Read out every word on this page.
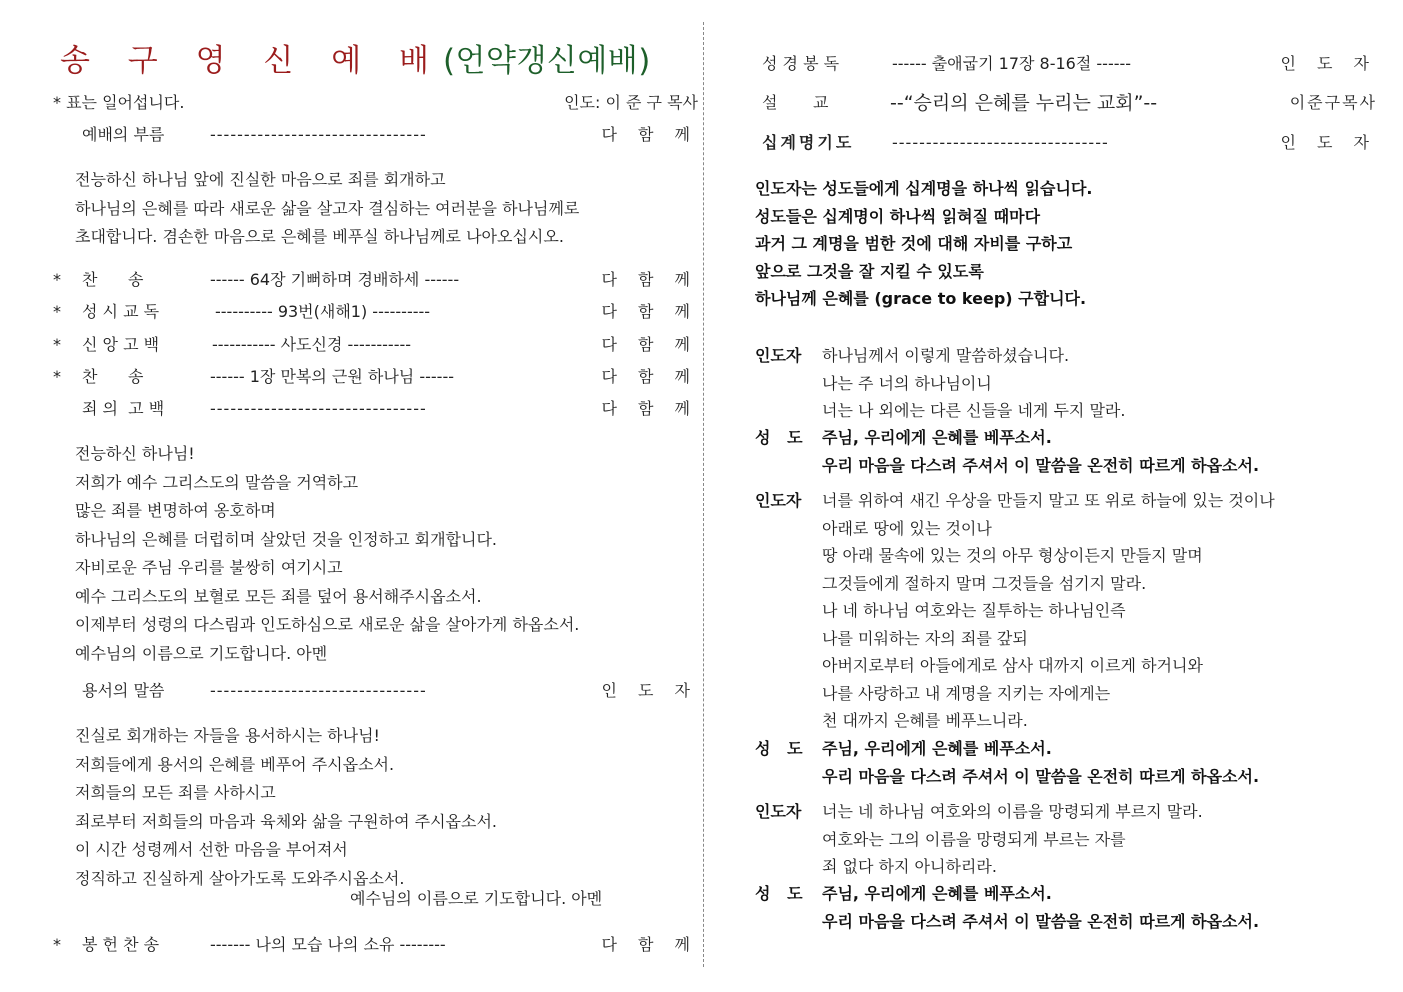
송 구 영 신 예 배(언약갱신예배)
* 표는 일어섭니다.	인도: 이 준 구 목사
예배의 부름	--------------------------------	다 함 께
전능하신 하나님 앞에 진실한 마음으로 죄를 회개하고
하나님의 은혜를 따라 새로운 삶을 살고자 결심하는 여러분을 하나님께로
초대합니다. 겸손한 마음으로 은혜를 베푸실 하나님께로 나아오십시오.
* 찬      송	------ 64장 기뻐하며 경배하세 ------	다 함 께
* 성 시 교 독	---------- 93번(새해1) ----------	다 함 께
* 신 앙 고 백	----------- 사도신경 -----------	다 함 께
* 찬      송	------ 1장 만복의 근원 하나님 ------	다 함 께
죄 의  고 백	--------------------------------	다 함 께
전능하신 하나님!
저희가 예수 그리스도의 말씀을 거역하고
많은 죄를 변명하여 옹호하며
하나님의 은혜를 더럽히며 살았던 것을 인정하고 회개합니다.
자비로운 주님 우리를 불쌍히 여기시고
예수 그리스도의 보혈로 모든 죄를 덮어 용서해주시옵소서.
이제부터 성령의 다스림과 인도하심으로 새로운 삶을 살아가게 하옵소서.
예수님의 이름으로 기도합니다. 아멘
용서의 말씀	--------------------------------	인 도 자
진실로 회개하는 자들을 용서하시는 하나님!
저희들에게 용서의 은혜를 베푸어 주시옵소서.
저희들의 모든 죄를 사하시고
죄로부터 저희들의 마음과 육체와 삶을 구원하여 주시옵소서.
이 시간 성령께서 선한 마음을 부어져서
정직하고 진실하게 살아가도록 도와주시옵소서.
예수님의 이름으로 기도합니다. 아멘
* 봉 헌 찬 송	------- 나의 모습 나의 소유 --------	다 함 께
성 경 봉 독	------ 출애굽기 17장 8-16절 ------	인 도 자
설       교	--“승리의 은혜를 누리는 교회”--	이준구목사
십계명기도 --------------------------------	인 도 자
인도자는 성도들에게 십계명을 하나씩 읽습니다.
성도들은 십계명이 하나씩 읽혀질 때마다
과거 그 계명을 범한 것에 대해 자비를 구하고
앞으로 그것을 잘 지킬 수 있도록
하나님께 은혜를 (grace to keep) 구합니다.
인도자	하나님께서 이렇게 말씀하셨습니다.
나는 주 너의 하나님이니
너는 나 외에는 다른 신들을 네게 두지 말라.
성   도	주님, 우리에게 은혜를 베푸소서.
우리 마음을 다스려 주셔서 이 말씀을 온전히 따르게 하옵소서.
인도자	너를 위하여 새긴 우상을 만들지 말고 또 위로 하늘에 있는 것이나
아래로 땅에 있는 것이나
땅 아래 물속에 있는 것의 아무 형상이든지 만들지 말며
그것들에게 절하지 말며 그것들을 섬기지 말라.
나 네 하나님 여호와는 질투하는 하나님인즉
나를 미워하는 자의 죄를 갚되
아버지로부터 아들에게로 삼사 대까지 이르게 하거니와
나를 사랑하고 내 계명을 지키는 자에게는
천 대까지 은혜를 베푸느니라.
성   도	주님, 우리에게 은혜를 베푸소서.
우리 마음을 다스려 주셔서 이 말씀을 온전히 따르게 하옵소서.
인도자	너는 네 하나님 여호와의 이름을 망령되게 부르지 말라.
여호와는 그의 이름을 망령되게 부르는 자를
죄 없다 하지 아니하리라.
성   도	주님, 우리에게 은혜를 베푸소서.
우리 마음을 다스려 주셔서 이 말씀을 온전히 따르게 하옵소서.
